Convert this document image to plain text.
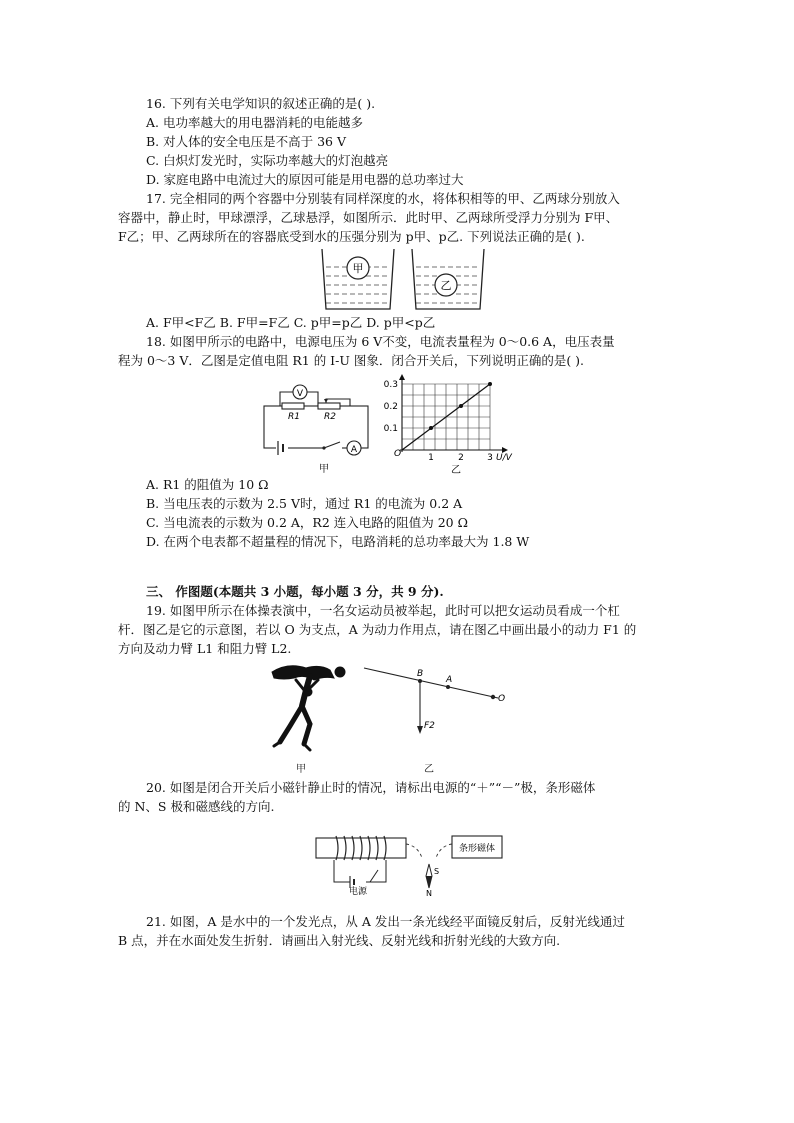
16. 下列有关电学知识的叙述正确的是( ).
A. 电功率越大的用电器消耗的电能越多
B. 对人体的安全电压是不高于 36 V
C. 白炽灯发光时，实际功率越大的灯泡越亮
D. 家庭电路中电流过大的原因可能是用电器的总功率过大
17. 完全相同的两个容器中分别装有同样深度的水，将体积相等的甲、乙两球分别放入
容器中，静止时，甲球漂浮，乙球悬浮，如图所示．此时甲、乙两球所受浮力分别为 F甲、
F乙；甲、乙两球所在的容器底受到水的压强分别为 p甲、p乙. 下列说法正确的是( ).
甲
乙
A. F甲<F乙 B. F甲=F乙 C. p甲=p乙 D. p甲<p乙
18. 如图甲所示的电路中，电源电压为 6 V不变，电流表量程为 0～0.6 A，电压表量
程为 0～3 V．乙图是定值电阻 R1 的 I-U 图象．闭合开关后，下列说明正确的是( ).
V
R1	R2
A
甲
0.3
0.2
0.1
O	1	2	3 U/V
乙
A. R1 的阻值为 10 Ω
B. 当电压表的示数为 2.5 V时，通过 R1 的电流为 0.2 A
C. 当电流表的示数为 0.2 A，R2 连入电路的阻值为 20 Ω
D. 在两个电表都不超量程的情况下，电路消耗的总功率最大为 1.8 W
三、 作图题(本题共 3 小题，每小题 3 分，共 9 分).
19. 如图甲所示在体操表演中，一名女运动员被举起，此时可以把女运动员看成一个杠
杆．图乙是它的示意图，若以 O 为支点，A 为动力作用点，请在图乙中画出最小的动力 F1 的
方向及动力臂 L1 和阻力臂 L2.
B
A
O
F2
甲	乙
20. 如图是闭合开关后小磁针静止时的情况，请标出电源的“＋”“－”极，条形磁体
的 N、S 极和磁感线的方向.
电源
条形磁体
S
N
21. 如图，A 是水中的一个发光点，从 A 发出一条光线经平面镜反射后，反射光线通过
B 点，并在水面处发生折射．请画出入射光线、反射光线和折射光线的大致方向.
